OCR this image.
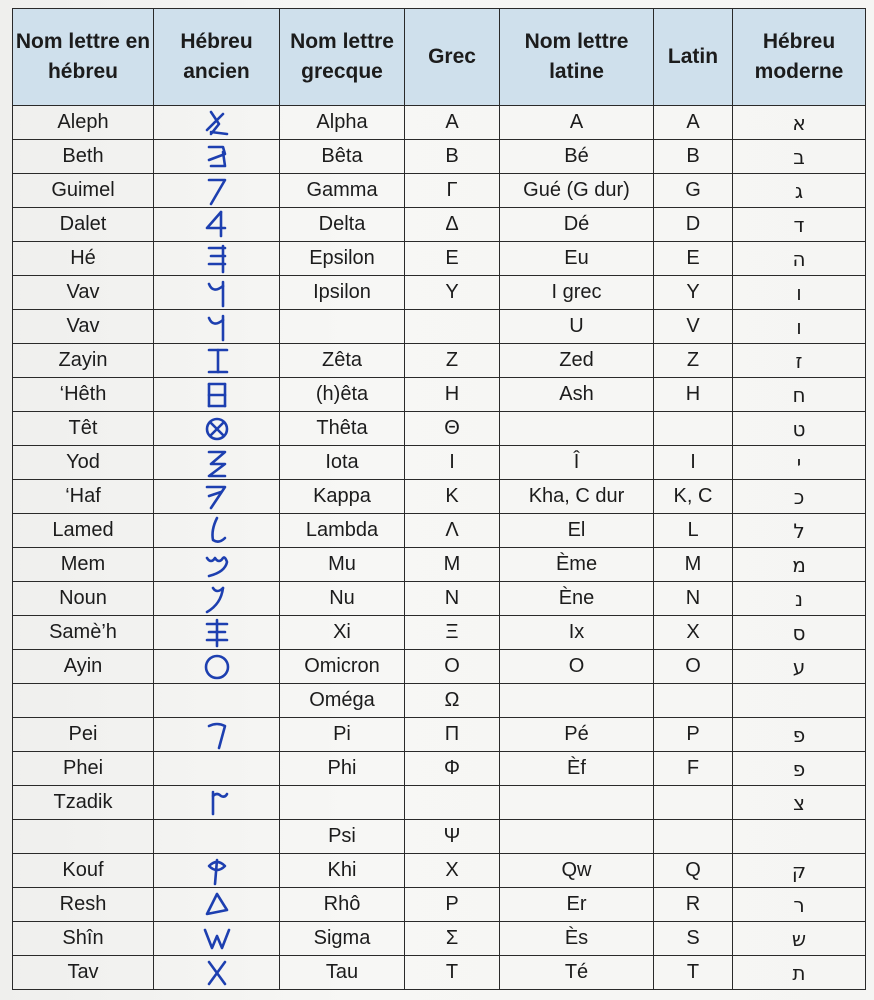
Nom lettre en hébreu	Hébreu ancien	Nom lettre grecque	Grec	Nom lettre latine	Latin	Hébreu moderne
Aleph		Alpha	Α	A	A	א
Beth		Bêta	Β	Bé	B	ב
Guimel		Gamma	Γ	Gué (G dur)	G	ג
Dalet		Delta	Δ	Dé	D	ד
Hé		Epsilon	Ε	Eu	E	ה
Vav		Ipsilon	Υ	I grec	Y	ו
Vav				U	V	ו
Zayin		Zêta	Ζ	Zed	Z	ז
‘Hêth		(h)êta	Η	Ash	H	ח
Têt		Thêta	Θ			ט
Yod		Iota	Ι	Î	I	י
‘Haf		Kappa	Κ	Kha, C dur	K, C	כ
Lamed		Lambda	Λ	El	L	ל
Mem		Mu	Μ	Ème	M	מ
Noun		Nu	Ν	Ène	N	נ
Samè’h		Xi	Ξ	Ix	X	ס
Ayin		Omicron	Ο	O	O	ע
		Oméga	Ω			
Pei		Pi	Π	Pé	P	פ
Phei		Phi	Φ	Èf	F	פ
Tzadik						צ
		Psi	Ψ			
Kouf		Khi	Χ	Qw	Q	ק
Resh		Rhô	Ρ	Er	R	ר
Shîn		Sigma	Σ	Ès	S	ש
Tav		Tau	Τ	Té	T	ת
